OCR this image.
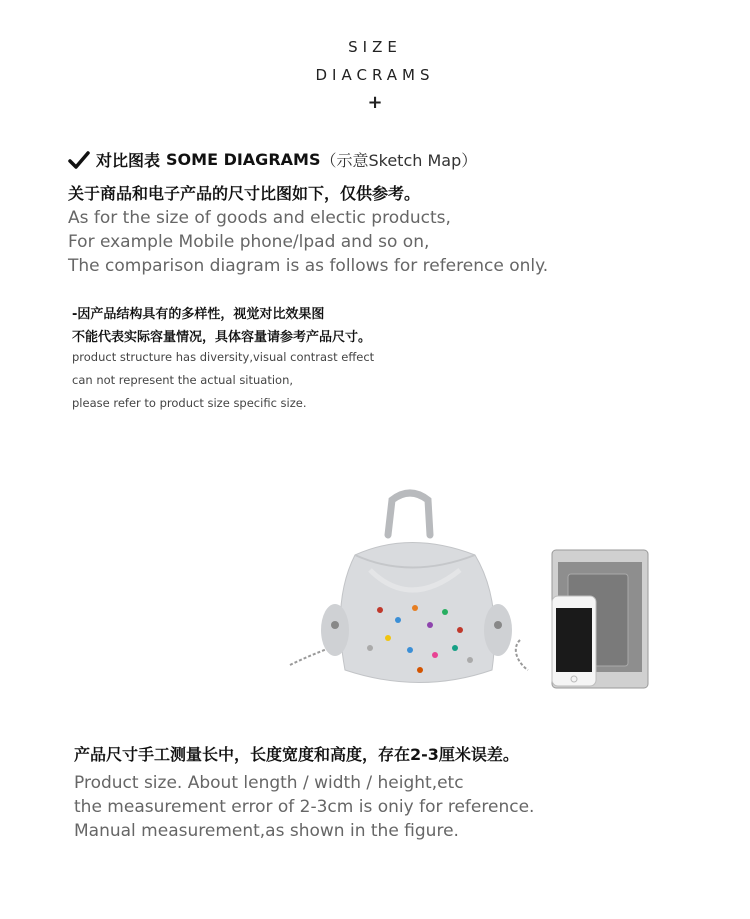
SIZE
DIACRAMS
+
对比图表 SOME DIAGRAMS （示意Sketch Map）
关于商品和电子产品的尺寸比图如下，仅供参考。
As for the size of goods and electic products,
For example Mobile phone/lpad and so on,
The comparison diagram is as follows for reference only.
-因产品结构具有的多样性，视觉对比效果图
不能代表实际容量情况，具体容量请参考产品尺寸。
product structure has diversity,visual contrast effect
can not represent the actual situation,
please refer to product size specific size.
产品尺寸手工测量长中，长度宽度和高度，存在2-3厘米误差。
Product size. About length / width / height,etc
the measurement error of 2-3cm is oniy for reference.
Manual measurement,as shown in the figure.
